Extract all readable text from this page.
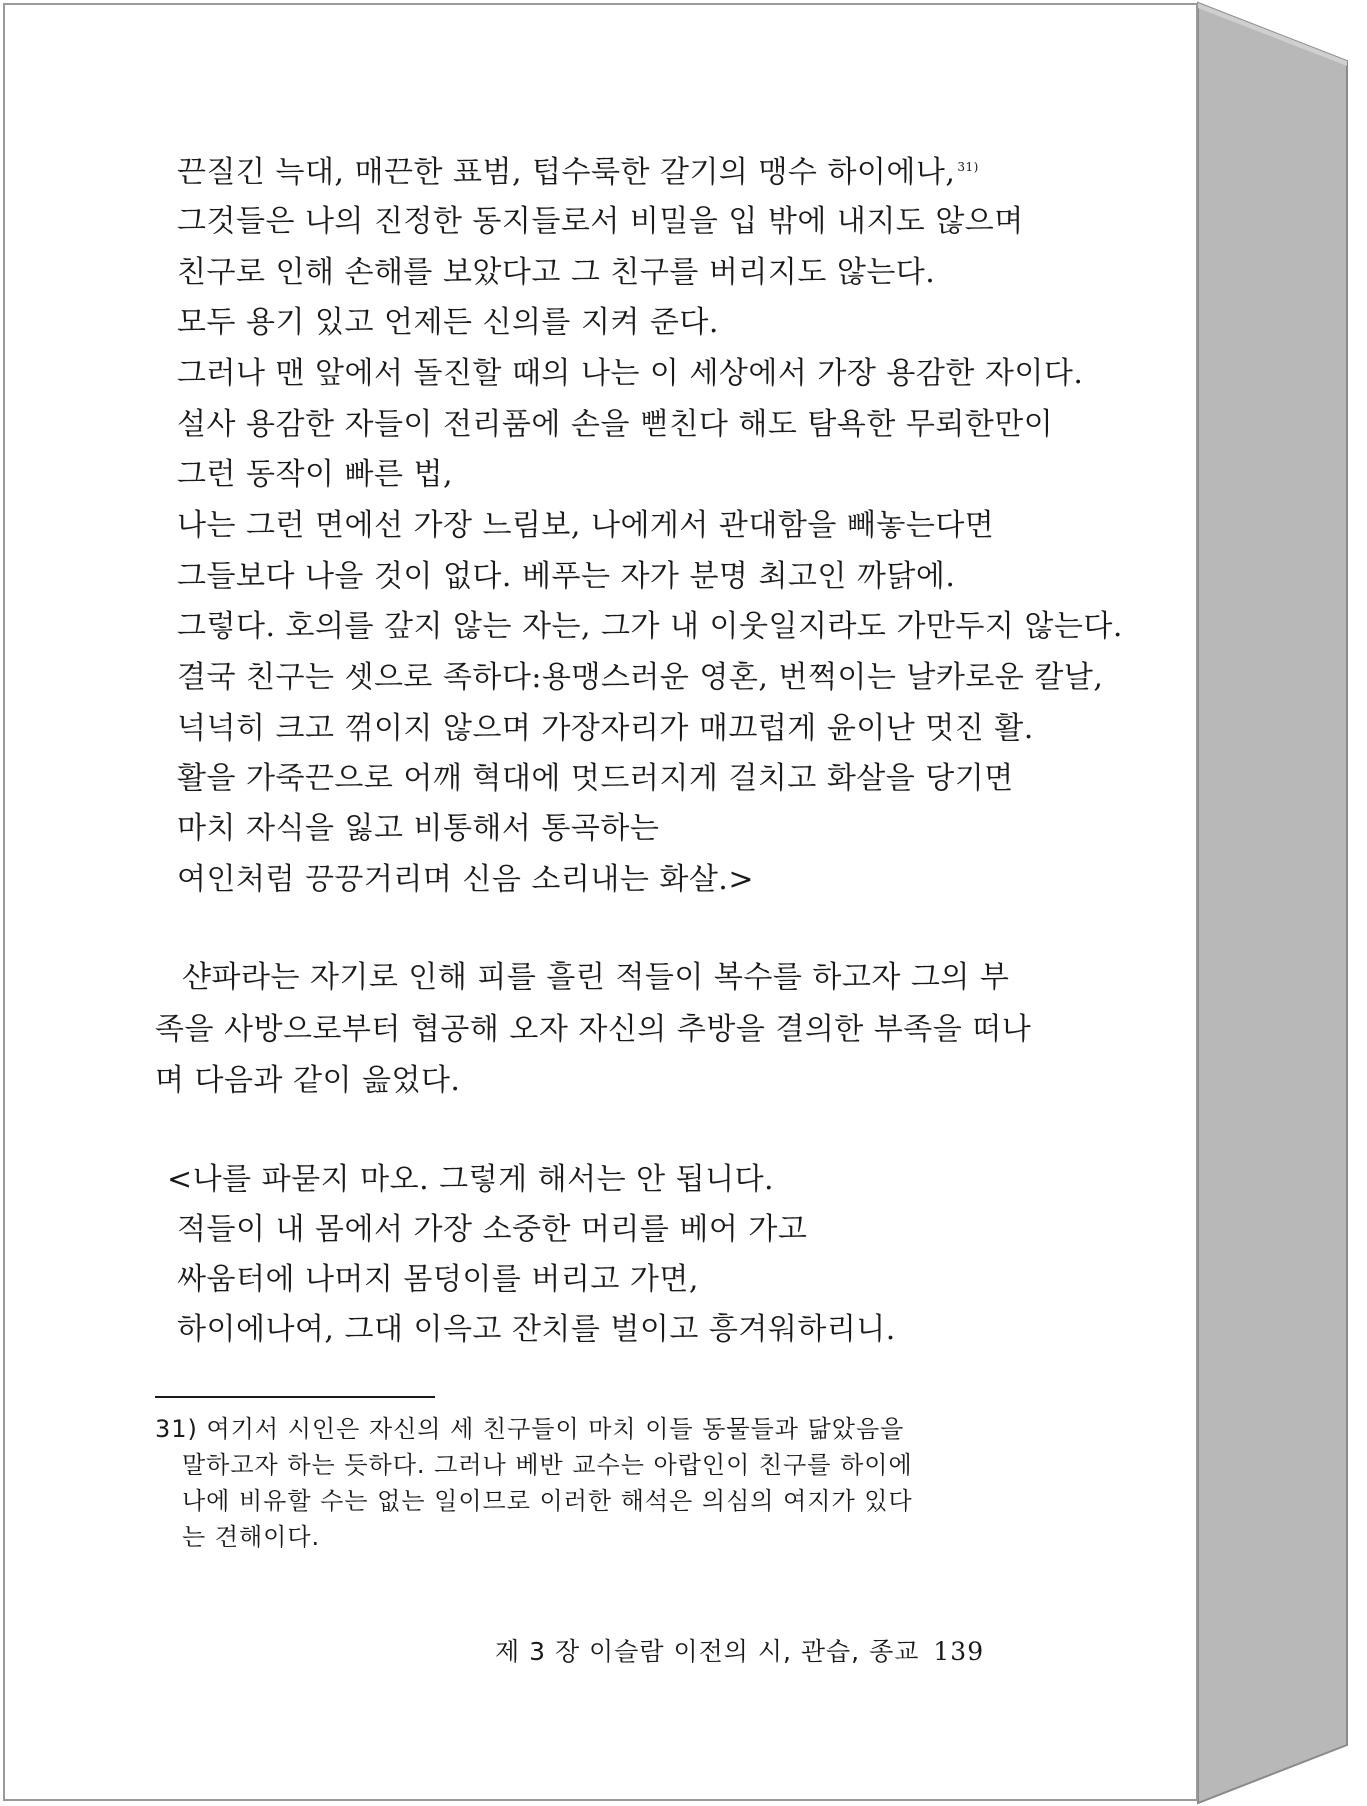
끈질긴 늑대, 매끈한 표범, 텁수룩한 갈기의 맹수 하이에나, $^{31)}$
그것들은 나의 진정한 동지들로서 비밀을 입 밖에 내지도 않으며
친구로 인해 손해를 보았다고 그 친구를 버리지도 않는다.
모두 용기 있고 언제든 신의를 지켜 준다.
그러나 맨 앞에서 돌진할 때의 나는 이 세상에서 가장 용감한 자이다.
설사 용감한 자들이 전리품에 손을 뻗친다 해도 탐욕한 무뢰한만이
그런 동작이 빠른 법,
나는 그런 면에선 가장 느림보, 나에게서 관대함을 빼놓는다면
그들보다 나을 것이 없다. 베푸는 자가 분명 최고인 까닭에.
그렇다. 호의를 갚지 않는 자는, 그가 내 이웃일지라도 가만두지 않는다.
결국 친구는 셋으로 족하다:용맹스러운 영혼, 번쩍이는 날카로운 칼날,
넉넉히 크고 꺾이지 않으며 가장자리가 매끄럽게 윤이난 멋진 활.
활을 가죽끈으로 어깨 혁대에 멋드러지게 걸치고 화살을 당기면
마치 자식을 잃고 비통해서 통곡하는
여인처럼 끙끙거리며 신음 소리내는 화살.>
샨파라는 자기로 인해 피를 흘린 적들이 복수를 하고자 그의 부
족을 사방으로부터 협공해 오자 자신의 추방을 결의한 부족을 떠나
며 다음과 같이 읊었다.
<나를 파묻지 마오. 그렇게 해서는 안 됩니다.
적들이 내 몸에서 가장 소중한 머리를 베어 가고
싸움터에 나머지 몸덩이를 버리고 가면,
하이에나여, 그대 이윽고 잔치를 벌이고 흥겨워하리니.
31) 여기서 시인은 자신의 세 친구들이 마치 이들 동물들과 닮았음을
말하고자 하는 듯하다. 그러나 베반 교수는 아랍인이 친구를 하이에
나에 비유할 수는 없는 일이므로 이러한 해석은 의심의 여지가 있다
는 견해이다.
제 3 장 이슬람 이전의 시, 관습, 종교 139
